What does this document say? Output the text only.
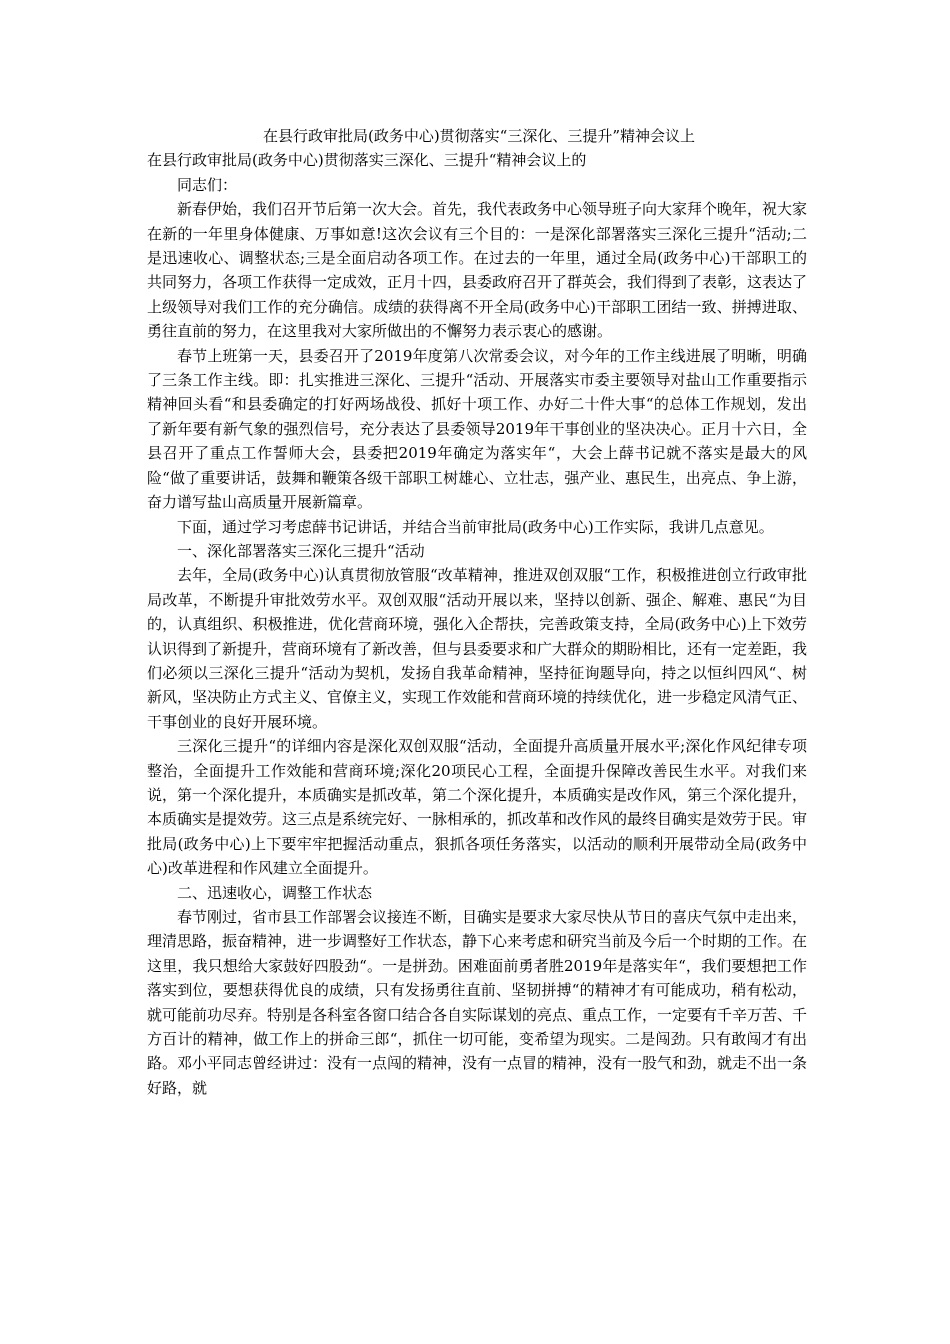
在县行政审批局(政务中心)贯彻落实“三深化、三提升”精神会议上

在县行政审批局(政务中心)贯彻落实三深化、三提升“精神会议上的

同志们：

新春伊始，我们召开节后第一次大会。首先，我代表政务中心领导班子向大家拜个晚年，祝大家在新的一年里身体健康、万事如意!这次会议有三个目的：一是深化部署落实三深化三提升“活动;二是迅速收心、调整状态;三是全面启动各项工作。在过去的一年里，通过全局(政务中心)干部职工的共同努力，各项工作获得一定成效，正月十四，县委政府召开了群英会，我们得到了表彰，这表达了上级领导对我们工作的充分确信。成绩的获得离不开全局(政务中心)干部职工团结一致、拼搏进取、勇往直前的努力，在这里我对大家所做出的不懈努力表示衷心的感谢。

春节上班第一天，县委召开了2019年度第八次常委会议，对今年的工作主线进展了明晰，明确了三条工作主线。即：扎实推进三深化、三提升“活动、开展落实市委主要领导对盐山工作重要指示精神回头看“和县委确定的打好两场战役、抓好十项工作、办好二十件大事“的总体工作规划，发出了新年要有新气象的强烈信号，充分表达了县委领导2019年干事创业的坚决决心。正月十六日，全县召开了重点工作誓师大会，县委把2019年确定为落实年“，大会上薛书记就不落实是最大的风险“做了重要讲话，鼓舞和鞭策各级干部职工树雄心、立壮志，强产业、惠民生，出亮点、争上游，奋力谱写盐山高质量开展新篇章。

下面，通过学习考虑薛书记讲话，并结合当前审批局(政务中心)工作实际，我讲几点意见。

一、深化部署落实三深化三提升“活动

去年，全局(政务中心)认真贯彻放管服“改革精神，推进双创双服“工作，积极推进创立行政审批局改革，不断提升审批效劳水平。双创双服“活动开展以来，坚持以创新、强企、解难、惠民“为目的，认真组织、积极推进，优化营商环境，强化入企帮扶，完善政策支持，全局(政务中心)上下效劳认识得到了新提升，营商环境有了新改善，但与县委要求和广大群众的期盼相比，还有一定差距，我们必须以三深化三提升“活动为契机，发扬自我革命精神，坚持征询题导向，持之以恒纠四风“、树新风，坚决防止方式主义、官僚主义，实现工作效能和营商环境的持续优化，进一步稳定风清气正、干事创业的良好开展环境。

三深化三提升“的详细内容是深化双创双服“活动，全面提升高质量开展水平;深化作风纪律专项整治，全面提升工作效能和营商环境;深化20项民心工程，全面提升保障改善民生水平。对我们来说，第一个深化提升，本质确实是抓改革，第二个深化提升，本质确实是改作风，第三个深化提升，本质确实是提效劳。这三点是系统完好、一脉相承的，抓改革和改作风的最终目确实是效劳于民。审批局(政务中心)上下要牢牢把握活动重点，狠抓各项任务落实，以活动的顺利开展带动全局(政务中心)改革进程和作风建立全面提升。

二、迅速收心，调整工作状态

春节刚过，省市县工作部署会议接连不断，目确实是要求大家尽快从节日的喜庆气氛中走出来，理清思路，振奋精神，进一步调整好工作状态，静下心来考虑和研究当前及今后一个时期的工作。在这里，我只想给大家鼓好四股劲“。一是拼劲。困难面前勇者胜2019年是落实年“，我们要想把工作落实到位，要想获得优良的成绩，只有发扬勇往直前、坚韧拼搏“的精神才有可能成功，稍有松动，就可能前功尽弃。特别是各科室各窗口结合各自实际谋划的亮点、重点工作，一定要有千辛万苦、千方百计的精神，做工作上的拼命三郎“，抓住一切可能，变希望为现实。二是闯劲。只有敢闯才有出路。邓小平同志曾经讲过：没有一点闯的精神，没有一点冒的精神，没有一股气和劲，就走不出一条好路，就
